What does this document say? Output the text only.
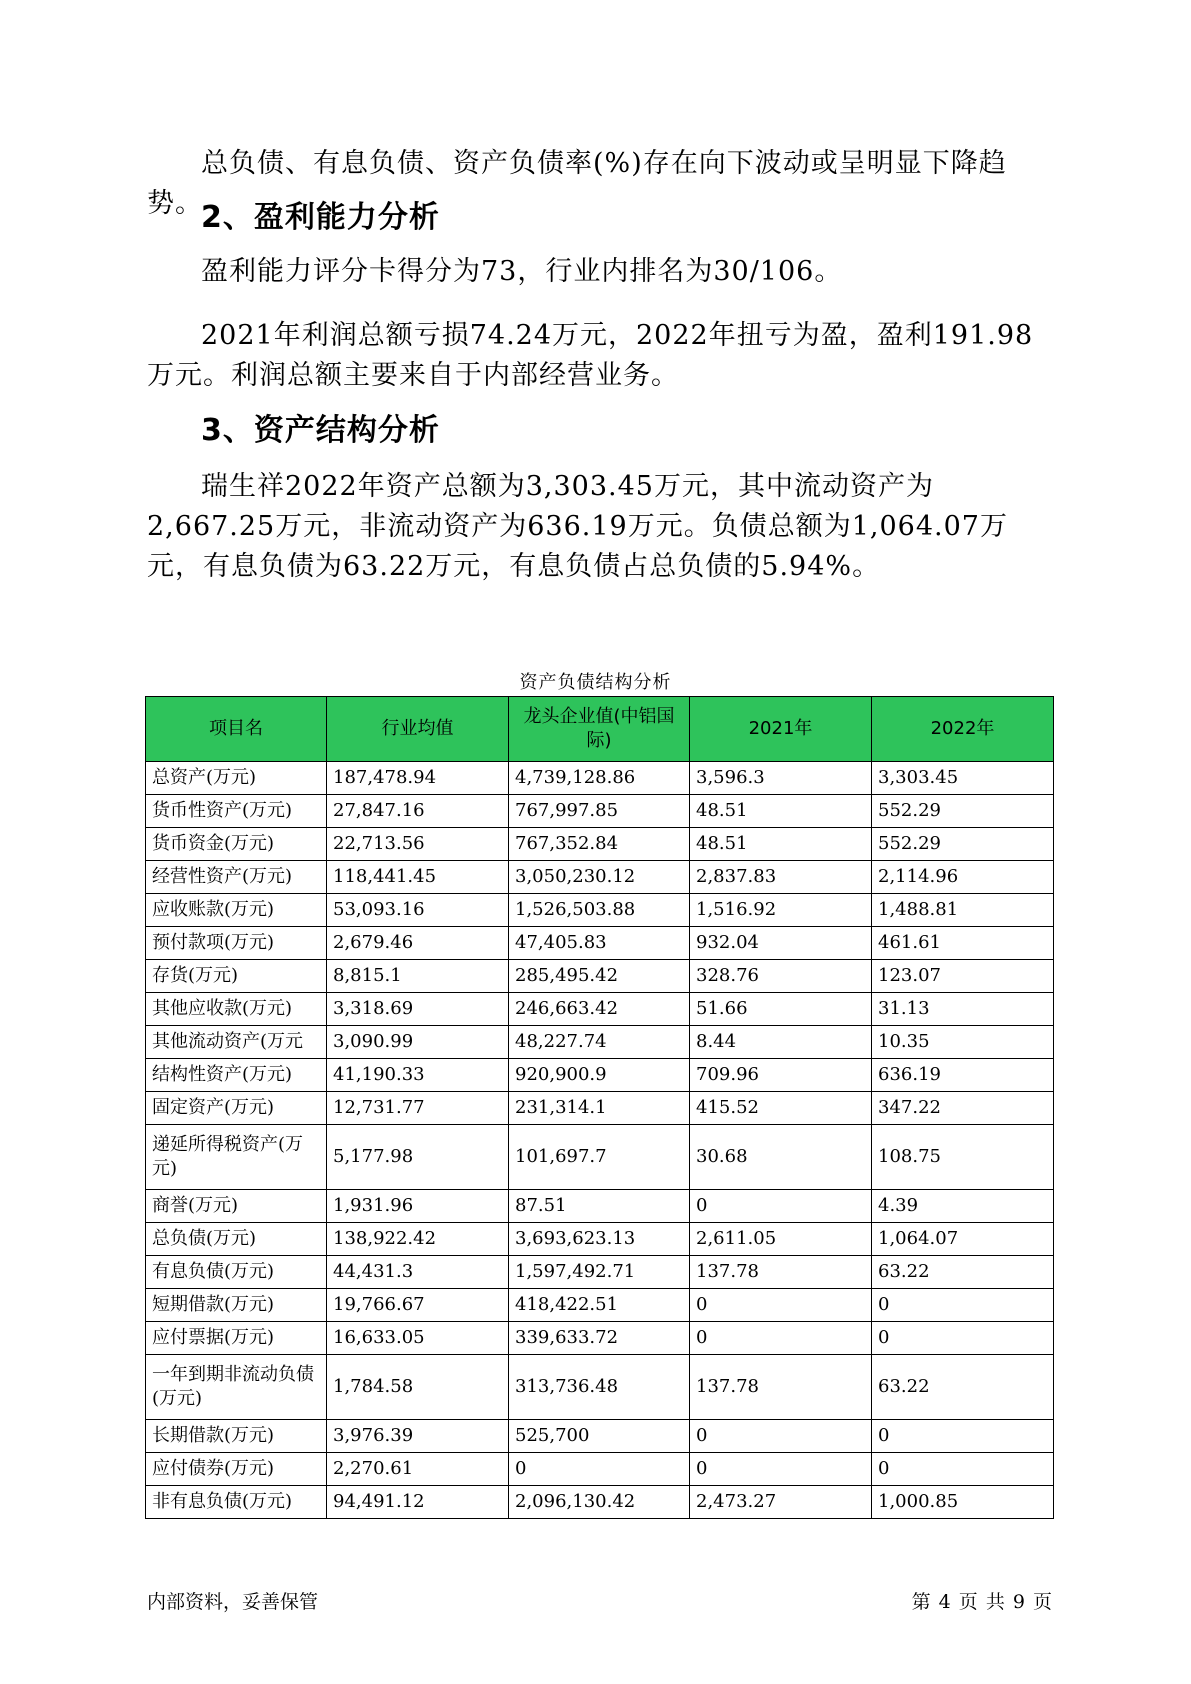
总负债、有息负债、资产负债率(%)存在向下波动或呈明显下降趋势。

2、盈利能力分析

盈利能力评分卡得分为73，行业内排名为30/106。

2021年利润总额亏损74.24万元，2022年扭亏为盈，盈利191.98万元。利润总额主要来自于内部经营业务。

3、资产结构分析

瑞生祥2022年资产总额为3,303.45万元，其中流动资产为2,667.25万元，非流动资产为636.19万元。负债总额为1,064.07万元，有息负债为63.22万元，有息负债占总负债的5.94%。

资产负债结构分析
项目名	行业均值	龙头企业值(中铝国际)	2021年	2022年
总资产(万元)	187,478.94	4,739,128.86	3,596.3	3,303.45
货币性资产(万元)	27,847.16	767,997.85	48.51	552.29
货币资金(万元)	22,713.56	767,352.84	48.51	552.29
经营性资产(万元)	118,441.45	3,050,230.12	2,837.83	2,114.96
应收账款(万元)	53,093.16	1,526,503.88	1,516.92	1,488.81
预付款项(万元)	2,679.46	47,405.83	932.04	461.61
存货(万元)	8,815.1	285,495.42	328.76	123.07
其他应收款(万元)	3,318.69	246,663.42	51.66	31.13
其他流动资产(万元	3,090.99	48,227.74	8.44	10.35
结构性资产(万元)	41,190.33	920,900.9	709.96	636.19
固定资产(万元)	12,731.77	231,314.1	415.52	347.22
递延所得税资产(万元)	5,177.98	101,697.7	30.68	108.75
商誉(万元)	1,931.96	87.51	0	4.39
总负债(万元)	138,922.42	3,693,623.13	2,611.05	1,064.07
有息负债(万元)	44,431.3	1,597,492.71	137.78	63.22
短期借款(万元)	19,766.67	418,422.51	0	0
应付票据(万元)	16,633.05	339,633.72	0	0
一年到期非流动负债(万元)	1,784.58	313,736.48	137.78	63.22
长期借款(万元)	3,976.39	525,700	0	0
应付债券(万元)	2,270.61	0	0	0
非有息负债(万元)	94,491.12	2,096,130.42	2,473.27	1,000.85
内部资料，妥善保管	第 4 页 共 9 页
